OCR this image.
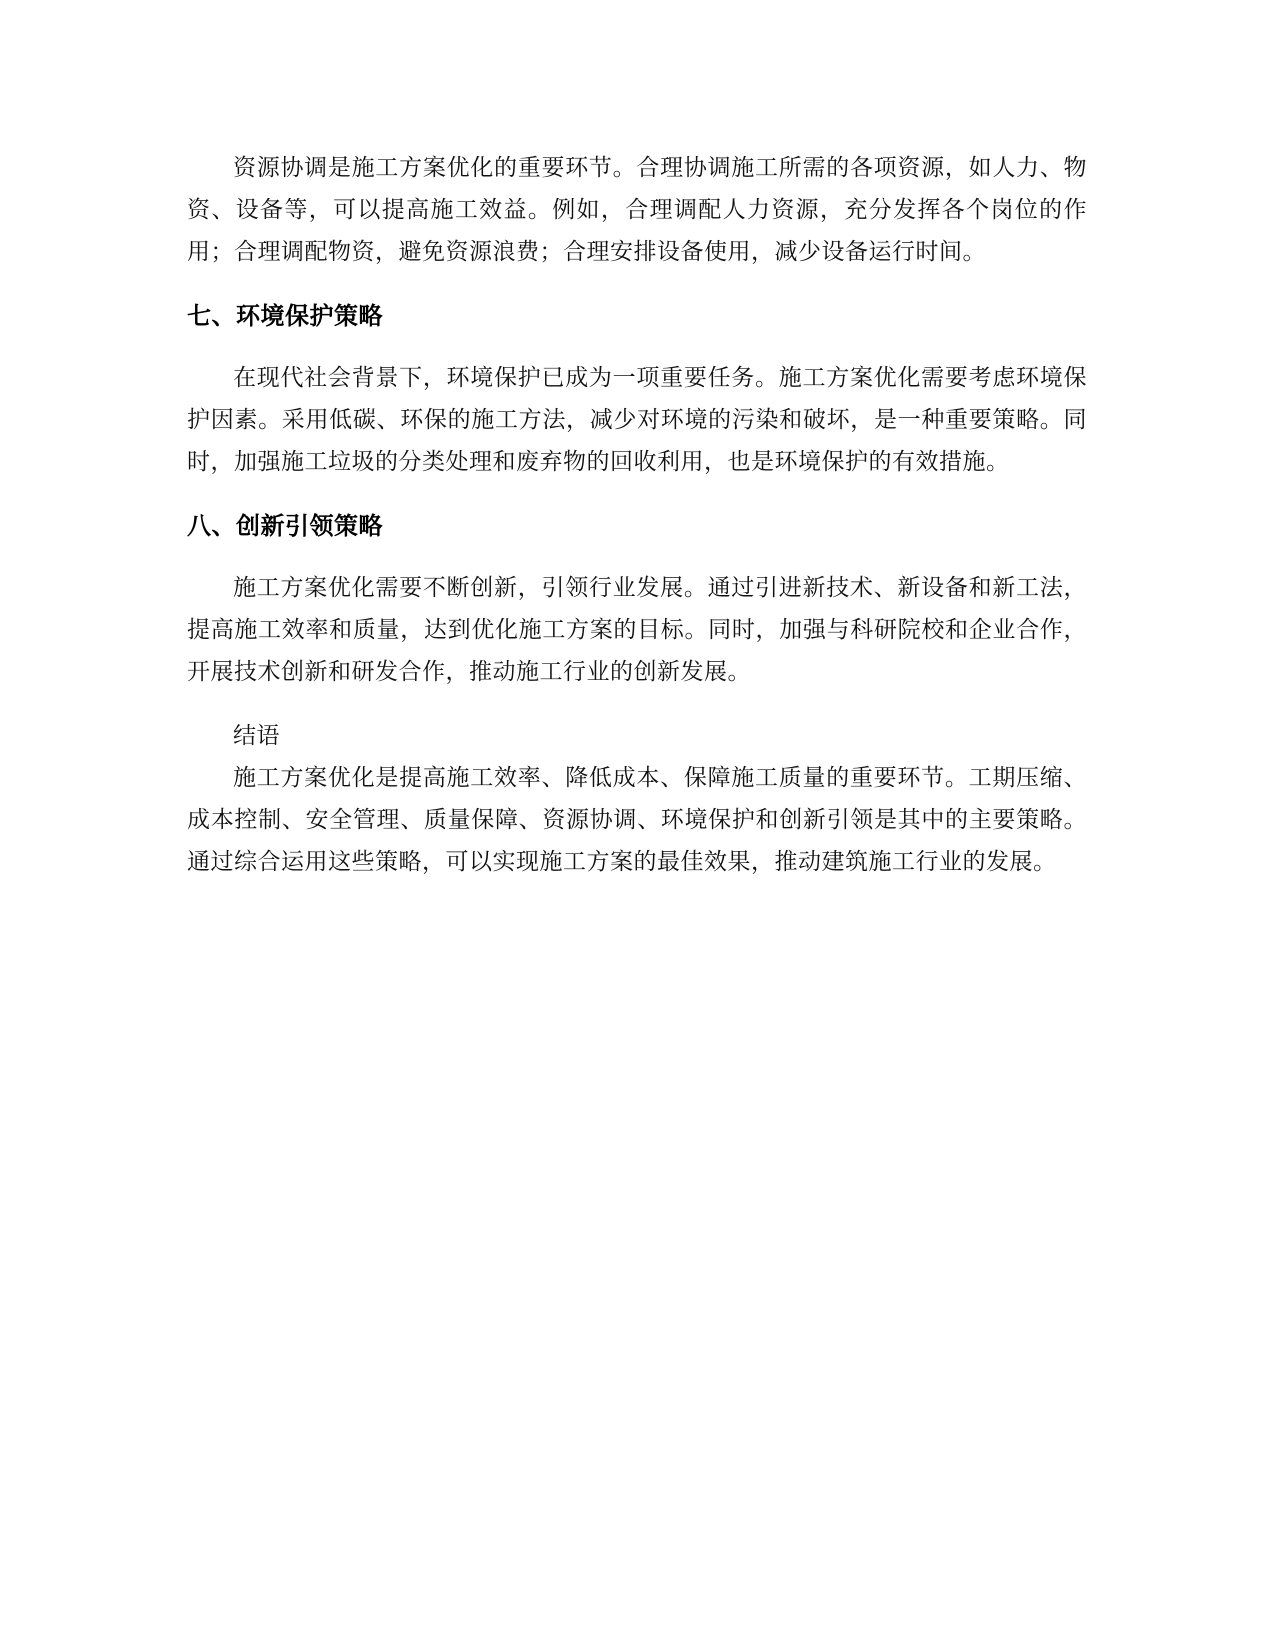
资源协调是施工方案优化的重要环节。合理协调施工所需的各项资源，如人力、物资、设备等，可以提高施工效益。例如，合理调配人力资源，充分发挥各个岗位的作用；合理调配物资，避免资源浪费；合理安排设备使用，减少设备运行时间。

七、环境保护策略

在现代社会背景下，环境保护已成为一项重要任务。施工方案优化需要考虑环境保护因素。采用低碳、环保的施工方法，减少对环境的污染和破坏，是一种重要策略。同时，加强施工垃圾的分类处理和废弃物的回收利用，也是环境保护的有效措施。

八、创新引领策略

施工方案优化需要不断创新，引领行业发展。通过引进新技术、新设备和新工法，提高施工效率和质量，达到优化施工方案的目标。同时，加强与科研院校和企业合作，开展技术创新和研发合作，推动施工行业的创新发展。

结语

施工方案优化是提高施工效率、降低成本、保障施工质量的重要环节。工期压缩、成本控制、安全管理、质量保障、资源协调、环境保护和创新引领是其中的主要策略。通过综合运用这些策略，可以实现施工方案的最佳效果，推动建筑施工行业的发展。
